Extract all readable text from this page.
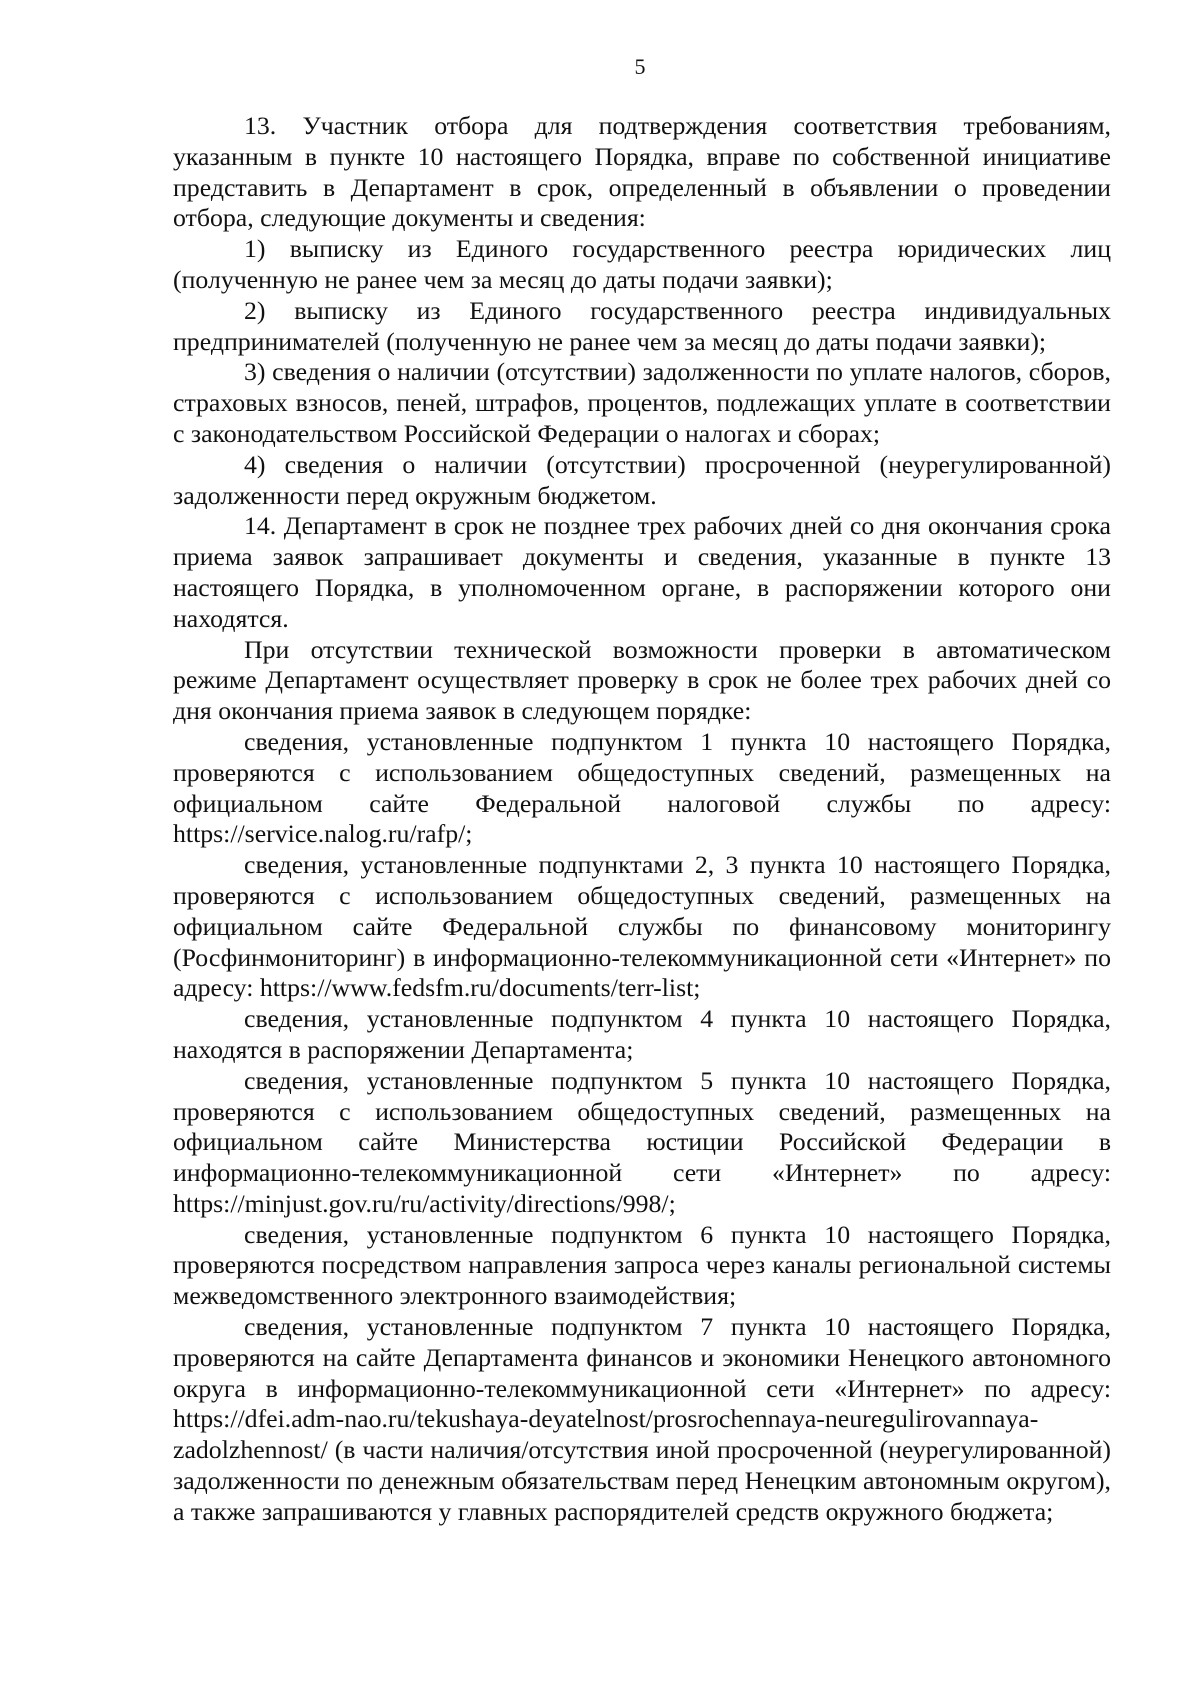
5

13. Участник отбора для подтверждения соответствия требованиям, указанным в пункте 10 настоящего Порядка, вправе по собственной инициативе представить в Департамент в срок, определенный в объявлении о проведении отбора, следующие документы и сведения:

1) выписку из Единого государственного реестра юридических лиц (полученную не ранее чем за месяц до даты подачи заявки);

2) выписку из Единого государственного реестра индивидуальных предпринимателей (полученную не ранее чем за месяц до даты подачи заявки);

3) сведения о наличии (отсутствии) задолженности по уплате налогов, сборов, страховых взносов, пеней, штрафов, процентов, подлежащих уплате в соответствии с законодательством Российской Федерации о налогах и сборах;

4) сведения о наличии (отсутствии) просроченной (неурегулированной) задолженности перед окружным бюджетом.

14. Департамент в срок не позднее трех рабочих дней со дня окончания срока приема заявок запрашивает документы и сведения, указанные в пункте 13 настоящего Порядка, в уполномоченном органе, в распоряжении которого они находятся.

При отсутствии технической возможности проверки в автоматическом режиме Департамент осуществляет проверку в срок не более трех рабочих дней со дня окончания приема заявок в следующем порядке:

сведения, установленные подпунктом 1 пункта 10 настоящего Порядка, проверяются с использованием общедоступных сведений, размещенных на официальном сайте Федеральной налоговой службы по адресу: https://service.nalog.ru/rafp/;

сведения, установленные подпунктами 2, 3 пункта 10 настоящего Порядка, проверяются с использованием общедоступных сведений, размещенных на официальном сайте Федеральной службы по финансовому мониторингу (Росфинмониторинг) в информационно-телекоммуникационной сети «Интернет» по адресу: https://www.fedsfm.ru/documents/terr-list;

сведения, установленные подпунктом 4 пункта 10 настоящего Порядка, находятся в распоряжении Департамента;

сведения, установленные подпунктом 5 пункта 10 настоящего Порядка, проверяются с использованием общедоступных сведений, размещенных на официальном сайте Министерства юстиции Российской Федерации в информационно-телекоммуникационной сети «Интернет» по адресу: https://minjust.gov.ru/ru/activity/directions/998/;

сведения, установленные подпунктом 6 пункта 10 настоящего Порядка, проверяются посредством направления запроса через каналы региональной системы межведомственного электронного взаимодействия;

сведения, установленные подпунктом 7 пункта 10 настоящего Порядка, проверяются на сайте Департамента финансов и экономики Ненецкого автономного округа в информационно-телекоммуникационной сети «Интернет» по адресу: https://dfei.adm-nao.ru/tekushaya-deyatelnost/prosrochennaya-neuregulirovannaya-zadolzhennost/ (в части наличия/отсутствия иной просроченной (неурегулированной) задолженности по денежным обязательствам перед Ненецким автономным округом), а также запрашиваются у главных распорядителей средств окружного бюджета;
